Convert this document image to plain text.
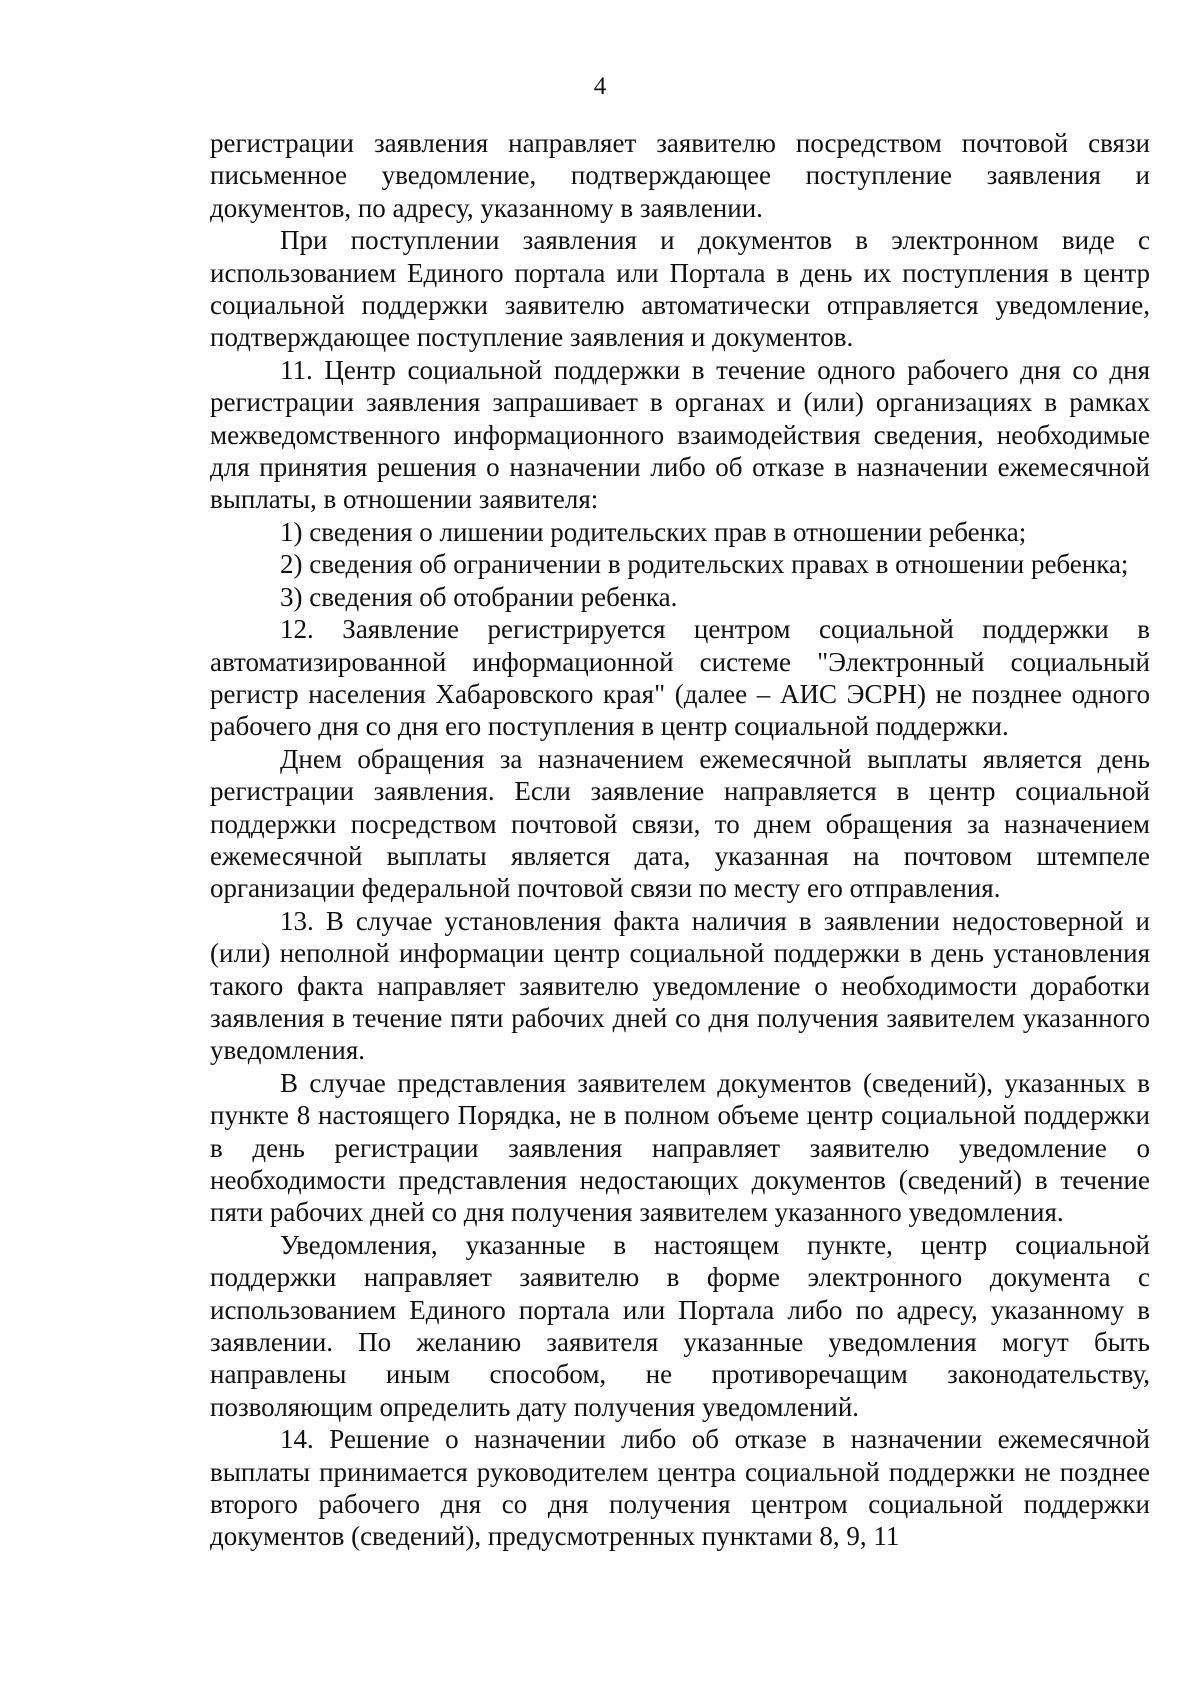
4

регистрации заявления направляет заявителю посредством почтовой связи письменное уведомление, подтверждающее поступление заявления и документов, по адресу, указанному в заявлении.

При поступлении заявления и документов в электронном виде с использованием Единого портала или Портала в день их поступления в центр социальной поддержки заявителю автоматически отправляется уведомление, подтверждающее поступление заявления и документов.

11. Центр социальной поддержки в течение одного рабочего дня со дня регистрации заявления запрашивает в органах и (или) организациях в рамках межведомственного информационного взаимодействия сведения, необходимые для принятия решения о назначении либо об отказе в назначении ежемесячной выплаты, в отношении заявителя:

1) сведения о лишении родительских прав в отношении ребенка;

2) сведения об ограничении в родительских правах в отношении ребенка;

3) сведения об отобрании ребенка.

12. Заявление регистрируется центром социальной поддержки в автоматизированной информационной системе "Электронный социальный регистр населения Хабаровского края" (далее – АИС ЭСРН) не позднее одного рабочего дня со дня его поступления в центр социальной поддержки.

Днем обращения за назначением ежемесячной выплаты является день регистрации заявления. Если заявление направляется в центр социальной поддержки посредством почтовой связи, то днем обращения за назначением ежемесячной выплаты является дата, указанная на почтовом штемпеле организации федеральной почтовой связи по месту его отправления.

13. В случае установления факта наличия в заявлении недостоверной и (или) неполной информации центр социальной поддержки в день установления такого факта направляет заявителю уведомление о необходимости доработки заявления в течение пяти рабочих дней со дня получения заявителем указанного уведомления.

В случае представления заявителем документов (сведений), указанных в пункте 8 настоящего Порядка, не в полном объеме центр социальной поддержки в день регистрации заявления направляет заявителю уведомление о необходимости представления недостающих документов (сведений) в течение пяти рабочих дней со дня получения заявителем указанного уведомления.

Уведомления, указанные в настоящем пункте, центр социальной поддержки направляет заявителю в форме электронного документа с использованием Единого портала или Портала либо по адресу, указанному в заявлении. По желанию заявителя указанные уведомления могут быть направлены иным способом, не противоречащим законодательству, позволяющим определить дату получения уведомлений.

14. Решение о назначении либо об отказе в назначении ежемесячной выплаты принимается руководителем центра социальной поддержки не позднее второго рабочего дня со дня получения центром социальной поддержки документов (сведений), предусмотренных пунктами 8, 9, 11
